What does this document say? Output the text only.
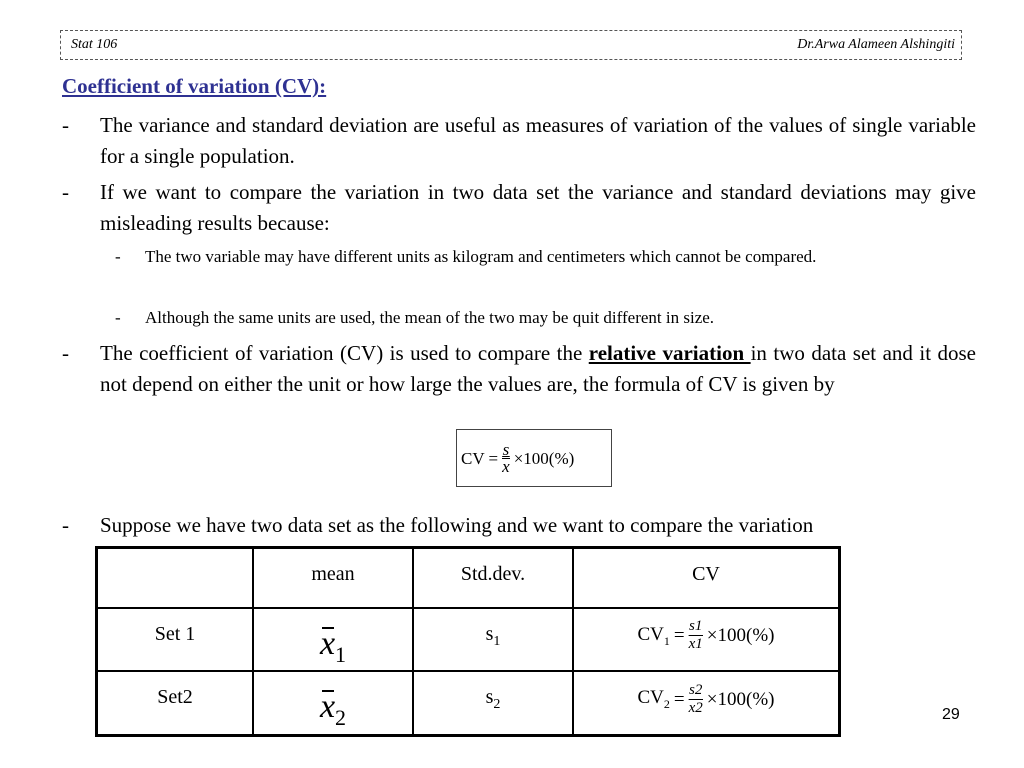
Stat 106	Dr.Arwa Alameen Alshingiti
Coefficient of variation (CV):
- The variance and standard deviation are useful as measures of variation of the values of single variable for a single population.
- If we want to compare the variation in two data set the variance and standard deviations may give misleading results because:
- The two variable may have different units as kilogram and centimeters which cannot be compared.
- Although the same units are used, the mean of the two may be quit different in size.
- The coefficient of variation (CV) is used to compare the relative variation in two data set and it dose not depend on either the unit or how large the values are, the formula of CV is given by
CV = $\frac{s}{x} \times 100(\%)$
- Suppose we have two data set as the following and we want to compare the variation
	mean	Std.dev.	CV
Set 1	$x_1$	$s_1$	$CV_1 = \frac{s1}{x1} \times 100(\%)$

Set2	$x_2$	$s_2$	$CV_2 = \frac{s2}{x2} \times 100(\%)$
29
